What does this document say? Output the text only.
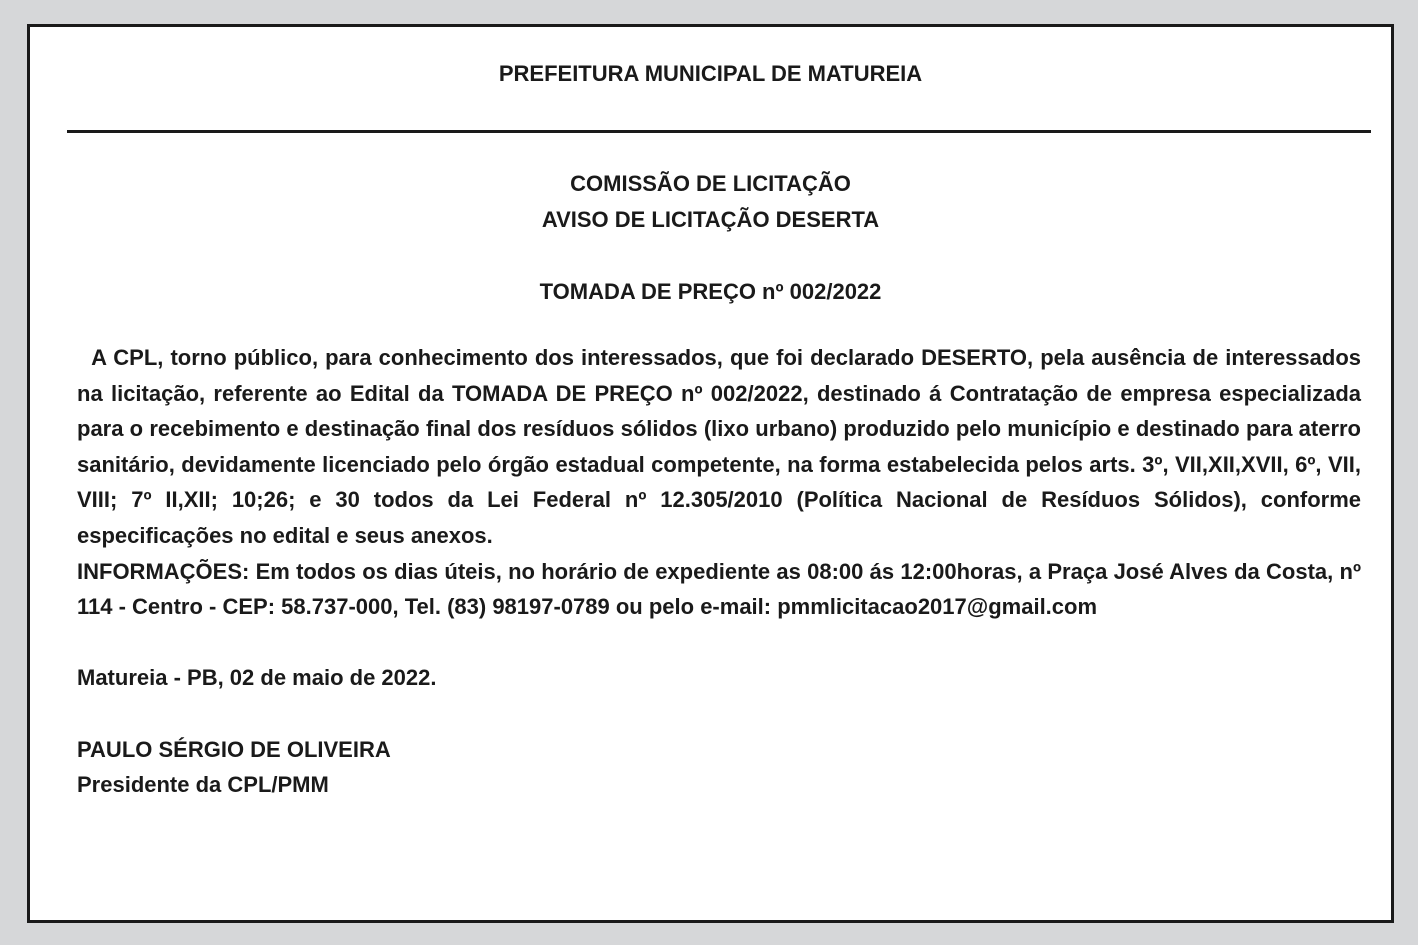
PREFEITURA MUNICIPAL DE MATUREIA
COMISSÃO DE LICITAÇÃO
AVISO DE LICITAÇÃO DESERTA
TOMADA DE PREÇO nº 002/2022

A CPL, torno público, para conhecimento dos interessados, que foi declarado DESERTO, pela ausência de interessados na licitação, referente ao Edital da TOMADA DE PREÇO nº 002/2022, destinado á Contratação de empresa especializada para o recebimento e destinação final dos resíduos sólidos (lixo urbano) produzido pelo município e destinado para aterro sanitário, devidamente licenciado pelo órgão estadual competente, na forma estabelecida pelos arts. 3º, VII,XII,XVII, 6º, VII, VIII; 7º II,XII; 10;26; e 30 todos da Lei Federal nº 12.305/2010 (Política Nacional de Resíduos Sólidos), conforme especificações no edital e seus anexos.

INFORMAÇÕES: Em todos os dias úteis, no horário de expediente as 08:00 ás 12:00horas, a Praça José Alves da Costa, nº 114 - Centro - CEP: 58.737-000, Tel. (83) 98197-0789 ou pelo e-mail: pmmlicitacao2017@gmail.com

Matureia - PB, 02 de maio de 2022.

PAULO SÉRGIO DE OLIVEIRA

Presidente da CPL/PMM
